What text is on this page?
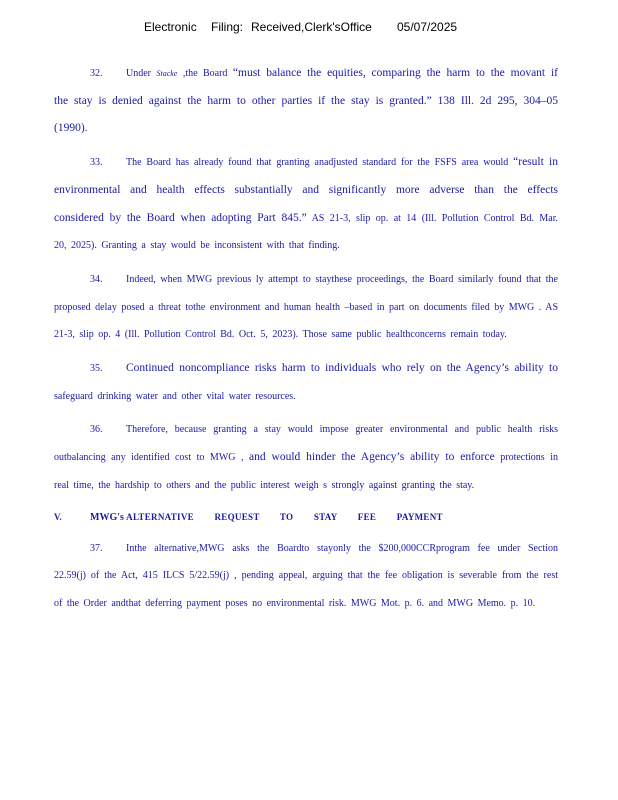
Electronic Filing: Received,Clerk'sOffice 05/07/2025

32. Under Stacke ,the Board “must balance the equities, comparing the harm to the movant if the stay is denied against the harm to other parties if the stay is granted.” 138 Ill. 2d 295, 304–05 (1990).

33. The Board has already found that granting anadjusted standard for the FSFS area would “result in environmental and health effects substantially and significantly more adverse than the effects considered by the Board when adopting Part 845.” AS 21-3, slip op. at 14 (Ill. Pollution Control Bd. Mar. 20, 2025). Granting a stay would be inconsistent with that finding.

34. Indeed, when MWG previous ly attempt to staythese proceedings, the Board similarly found that the proposed delay posed a threat tothe environment and human health –based in part on documents filed by MWG . AS 21-3, slip op. 4 (Ill. Pollution Control Bd. Oct. 5, 2023). Those same public healthconcerns remain today.

35. Continued noncompliance risks harm to individuals who rely on the Agency’s ability to safeguard drinking water and other vital water resources.

36. Therefore, because granting a stay would impose greater environmental and public health risks outbalancing any identified cost to MWG , and would hinder the Agency’s ability to enforce protections in real time, the hardship to others and the public interest weigh s strongly against granting the stay.

V.	MWG's ALTERNATIVE REQUEST TO STAY FEE PAYMENT

37. Inthe alternative,MWG asks the Boardto stayonly the $200,000CCRprogram fee under Section 22.59(j) of the Act, 415 ILCS 5/22.59(j) , pending appeal, arguing that the fee obligation is severable from the rest of the Order andthat deferring payment poses no environmental risk. MWG Mot. p. 6. and MWG Memo. p. 10.
